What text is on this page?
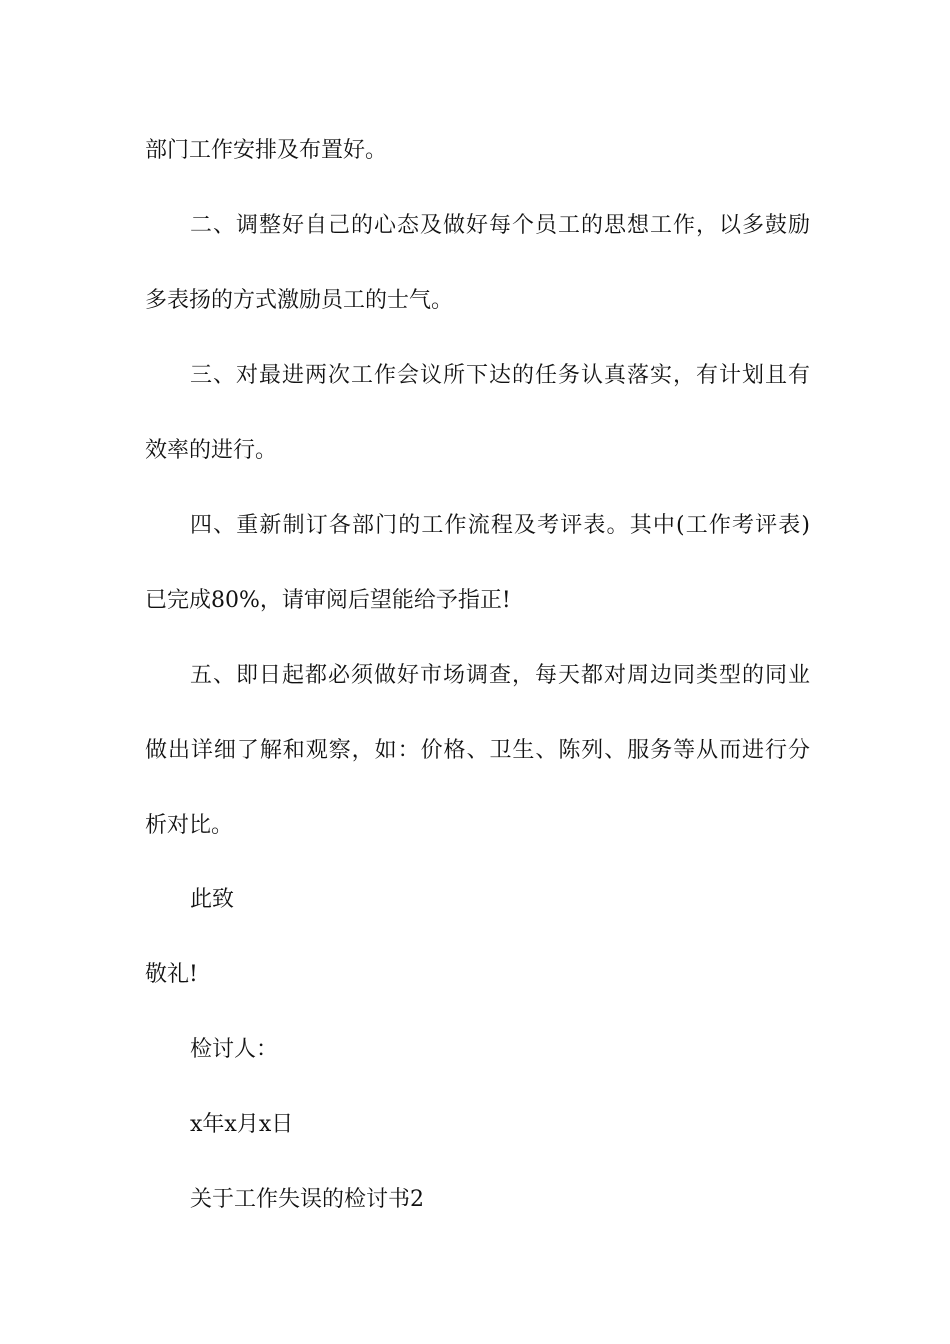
部门工作安排及布置好。
二、调整好自己的心态及做好每个员工的思想工作，以多鼓励
多表扬的方式激励员工的士气。
三、对最进两次工作会议所下达的任务认真落实，有计划且有
效率的进行。
四、重新制订各部门的工作流程及考评表。其中(工作考评表)
已完成80%，请审阅后望能给予指正!
五、即日起都必须做好市场调查，每天都对周边同类型的同业
做出详细了解和观察，如：价格、卫生、陈列、服务等从而进行分
析对比。
此致
敬礼!
检讨人：
x年x月x日
关于工作失误的检讨书2
